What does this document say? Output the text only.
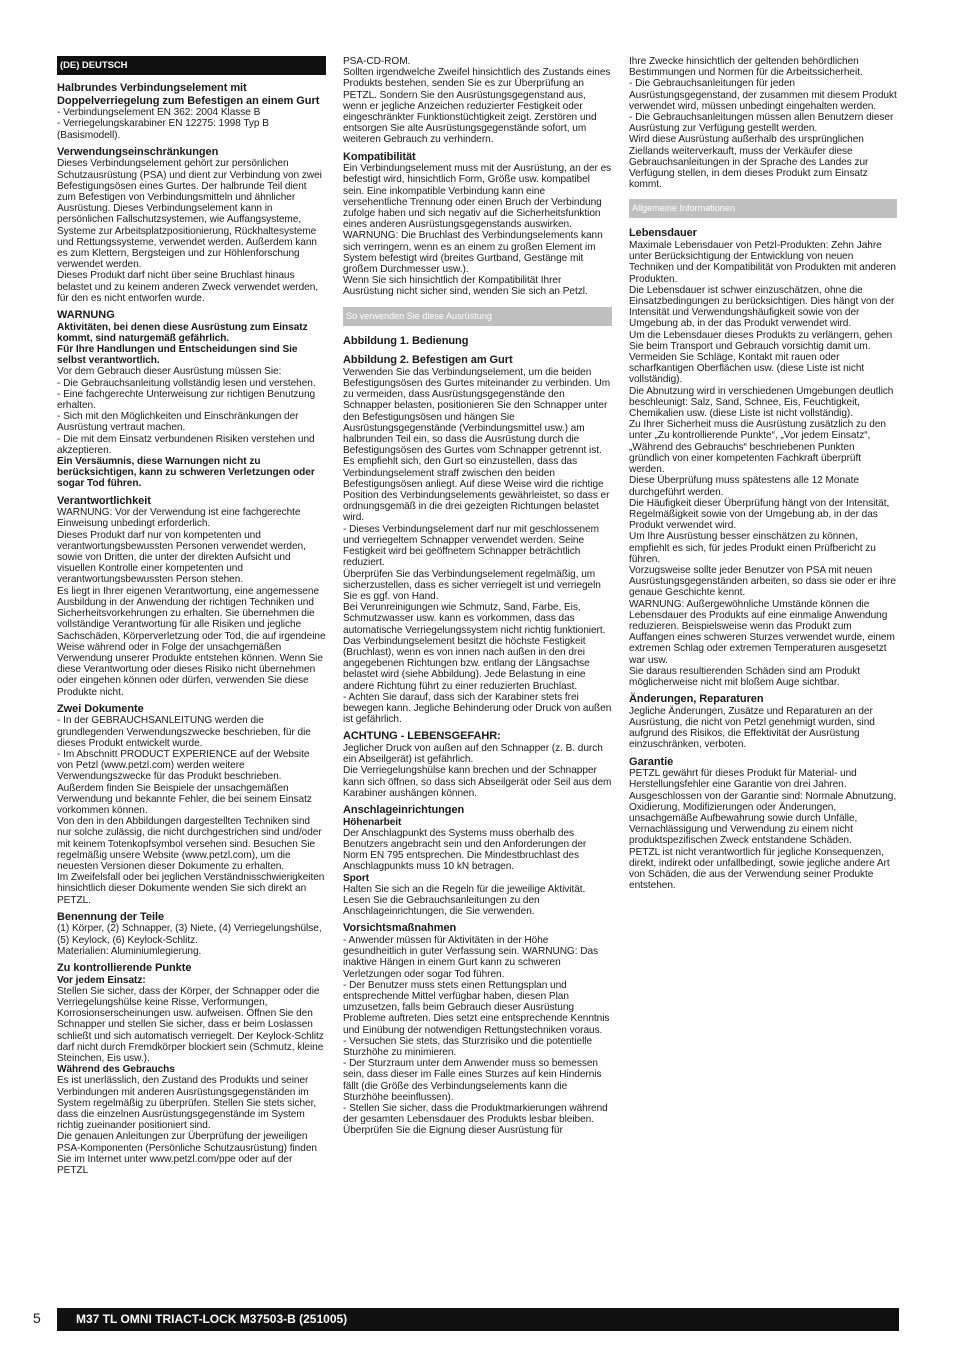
(DE) DEUTSCH
Halbrundes Verbindungselement mit Doppelverriegelung zum Befestigen an einem Gurt
- Verbindungselement EN 362: 2004 Klasse B
- Verriegelungskarabiner EN 12275: 1998 Typ B (Basismodell).
Verwendungseinschränkungen
Dieses Verbindungselement gehört zur persönlichen Schutzausrüstung (PSA) und dient zur Verbindung von zwei Befestigungsösen eines Gurtes. Der halbrunde Teil dient zum Befestigen von Verbindungsmitteln und ähnlicher Ausrüstung. Dieses Verbindungselement kann in persönlichen Fallschutzsystemen, wie Auffangsysteme, Systeme zur Arbeitsplatzpositionierung, Rückhaltesysteme und Rettungssysteme, verwendet werden. Außerdem kann es zum Klettern, Bergsteigen und zur Höhlenforschung verwendet werden.
Dieses Produkt darf nicht über seine Bruchlast hinaus belastet und zu keinem anderen Zweck verwendet werden, für den es nicht entworfen wurde.
WARNUNG
Aktivitäten, bei denen diese Ausrüstung zum Einsatz kommt, sind naturgemäß gefährlich.
Für Ihre Handlungen und Entscheidungen sind Sie selbst verantwortlich.
Vor dem Gebrauch dieser Ausrüstung müssen Sie:
- Die Gebrauchsanleitung vollständig lesen und verstehen.
- Eine fachgerechte Unterweisung zur richtigen Benutzung erhalten.
- Sich mit den Möglichkeiten und Einschränkungen der Ausrüstung vertraut machen.
- Die mit dem Einsatz verbundenen Risiken verstehen und akzeptieren.
Ein Versäumnis, diese Warnungen nicht zu berücksichtigen, kann zu schweren Verletzungen oder sogar Tod führen.
Verantwortlichkeit
WARNUNG: Vor der Verwendung ist eine fachgerechte Einweisung unbedingt erforderlich.
Dieses Produkt darf nur von kompetenten und verantwortungsbewussten Personen verwendet werden, sowie von Dritten, die unter der direkten Aufsicht und visuellen Kontrolle einer kompetenten und verantwortungsbewussten Person stehen.
Es liegt in Ihrer eigenen Verantwortung, eine angemessene Ausbildung in der Anwendung der richtigen Techniken und Sicherheitsvorkehrungen zu erhalten. Sie übernehmen die vollständige Verantwortung für alle Risiken und jegliche Sachschäden, Körperverletzung oder Tod, die auf irgendeine Weise während oder in Folge der unsachgemäßen Verwendung unserer Produkte entstehen können. Wenn Sie diese Verantwortung oder dieses Risiko nicht übernehmen oder eingehen können oder dürfen, verwenden Sie diese Produkte nicht.
Zwei Dokumente
- In der GEBRAUCHSANLEITUNG werden die grundlegenden Verwendungszwecke beschrieben, für die dieses Produkt entwickelt wurde.
- Im Abschnitt PRODUCT EXPERIENCE auf der Website von Petzl (www.petzl.com) werden weitere Verwendungszwecke für das Produkt beschrieben. Außerdem finden Sie Beispiele der unsachgemäßen Verwendung und bekannte Fehler, die bei seinem Einsatz vorkommen können.
Von den in den Abbildungen dargestellten Techniken sind nur solche zulässig, die nicht durchgestrichen sind und/oder mit keinem Totenkopfsymbol versehen sind. Besuchen Sie regelmäßig unsere Website (www.petzl.com), um die neuesten Versionen dieser Dokumente zu erhalten.
Im Zweifelsfall oder bei jeglichen Verständnisschwierigkeiten hinsichtlich dieser Dokumente wenden Sie sich direkt an PETZL.
Benennung der Teile
(1) Körper, (2) Schnapper, (3) Niete, (4) Verriegelungshülse, (5) Keylock, (6) Keylock-Schlitz.
Materialien: Aluminiumlegierung.
Zu kontrollierende Punkte
Vor jedem Einsatz:
Stellen Sie sicher, dass der Körper, der Schnapper oder die Verriegelungshülse keine Risse, Verformungen, Korrosionserscheinungen usw. aufweisen. Öffnen Sie den Schnapper und stellen Sie sicher, dass er beim Loslassen schließt und sich automatisch verriegelt. Der Keylock-Schlitz darf nicht durch Fremdkörper blockiert sein (Schmutz, kleine Steinchen, Eis usw.).
Während des Gebrauchs
Es ist unerlässlich, den Zustand des Produkts und seiner Verbindungen mit anderen Ausrüstungsgegenständen im System regelmäßig zu überprüfen. Stellen Sie stets sicher, dass die einzelnen Ausrüstungsgegenstände im System richtig zueinander positioniert sind.
Die genauen Anleitungen zur Überprüfung der jeweiligen PSA-Komponenten (Persönliche Schutzausrüstung) finden Sie im Internet unter www.petzl.com/ppe oder auf der PETZL
PSA-CD-ROM.
Sollten irgendwelche Zweifel hinsichtlich des Zustands eines Produkts bestehen, senden Sie es zur Überprüfung an PETZL. Sondern Sie den Ausrüstungsgegenstand aus, wenn er jegliche Anzeichen reduzierter Festigkeit oder eingeschränkter Funktionstüchtigkeit zeigt. Zerstören und entsorgen Sie alte Ausrüstungsgegenstände sofort, um weiteren Gebrauch zu verhindern.
Kompatibilität
Ein Verbindungselement muss mit der Ausrüstung, an der es befestigt wird, hinsichtlich Form, Größe usw. kompatibel sein. Eine inkompatible Verbindung kann eine versehentliche Trennung oder einen Bruch der Verbindung zufolge haben und sich negativ auf die Sicherheitsfunktion eines anderen Ausrüstungsgegenstands auswirken.
WARNUNG: Die Bruchlast des Verbindungselements kann sich verringern, wenn es an einem zu großen Element im System befestigt wird (breites Gurtband, Gestänge mit großem Durchmesser usw.).
Wenn Sie sich hinsichtlich der Kompatibilität Ihrer Ausrüstung nicht sicher sind, wenden Sie sich an Petzl.
So verwenden Sie diese Ausrüstung
Abbildung 1. Bedienung
Abbildung 2. Befestigen am Gurt
Verwenden Sie das Verbindungselement, um die beiden Befestigungsösen des Gurtes miteinander zu verbinden. Um zu vermeiden, dass Ausrüstungsgegenstände den Schnapper belasten, positionieren Sie den Schnapper unter den Befestigungsösen und hängen Sie Ausrüstungsgegenstände (Verbindungsmittel usw.) am halbrunden Teil ein, so dass die Ausrüstung durch die Befestigungsösen des Gurtes vom Schnapper getrennt ist.
Es empfiehlt sich, den Gurt so einzustellen, dass das Verbindungselement straff zwischen den beiden Befestigungsösen anliegt. Auf diese Weise wird die richtige Position des Verbindungselements gewährleistet, so dass er ordnungsgemäß in die drei gezeigten Richtungen belastet wird.
- Dieses Verbindungselement darf nur mit geschlossenem und verriegeltem Schnapper verwendet werden. Seine Festigkeit wird bei geöffnetem Schnapper beträchtlich reduziert.
Überprüfen Sie das Verbindungselement regelmäßig, um sicherzustellen, dass es sicher verriegelt ist und verriegeln Sie es ggf. von Hand.
Bei Verunreinigungen wie Schmutz, Sand, Farbe, Eis, Schmutzwasser usw. kann es vorkommen, dass das automatische Verriegelungssystem nicht richtig funktioniert.
Das Verbindungselement besitzt die höchste Festigkeit (Bruchlast), wenn es von innen nach außen in den drei angegebenen Richtungen bzw. entlang der Längsachse belastet wird (siehe Abbildung). Jede Belastung in eine andere Richtung führt zu einer reduzierten Bruchlast.
- Achten Sie darauf, dass sich der Karabiner stets frei bewegen kann. Jegliche Behinderung oder Druck von außen ist gefährlich.
ACHTUNG - LEBENSGEFAHR:
Jeglicher Druck von außen auf den Schnapper (z. B. durch ein Abseilgerät) ist gefährlich.
Die Verriegelungshülse kann brechen und der Schnapper kann sich öffnen, so dass sich Abseilgerät oder Seil aus dem Karabiner aushängen können.
Anschlageinrichtungen
Höhenarbeit
Der Anschlagpunkt des Systems muss oberhalb des Benutzers angebracht sein und den Anforderungen der Norm EN 795 entsprechen. Die Mindestbruchlast des Anschlagpunkts muss 10 kN betragen.
Sport
Halten Sie sich an die Regeln für die jeweilige Aktivität. Lesen Sie die Gebrauchsanleitungen zu den Anschlageinrichtungen, die Sie verwenden.
Vorsichtsmaßnahmen
- Anwender müssen für Aktivitäten in der Höhe gesundheitlich in guter Verfassung sein. WARNUNG: Das inaktive Hängen in einem Gurt kann zu schweren Verletzungen oder sogar Tod führen.
- Der Benutzer muss stets einen Rettungsplan und entsprechende Mittel verfügbar haben, diesen Plan umzusetzen, falls beim Gebrauch dieser Ausrüstung Probleme auftreten. Dies setzt eine entsprechende Kenntnis und Einübung der notwendigen Rettungstechniken voraus.
- Versuchen Sie stets, das Sturzrisiko und die potentielle Sturzhöhe zu minimieren.
- Der Sturzraum unter dem Anwender muss so bemessen sein, dass dieser im Falle eines Sturzes auf kein Hindernis fällt (die Größe des Verbindungselements kann die Sturzhöhe beeinflussen).
- Stellen Sie sicher, dass die Produktmarkierungen während der gesamten Lebensdauer des Produkts lesbar bleiben.
Überprüfen Sie die Eignung dieser Ausrüstung für
Ihre Zwecke hinsichtlich der geltenden behördlichen Bestimmungen und Normen für die Arbeitssicherheit.
- Die Gebrauchsanleitungen für jeden Ausrüstungsgegenstand, der zusammen mit diesem Produkt verwendet wird, müssen unbedingt eingehalten werden.
- Die Gebrauchsanleitungen müssen allen Benutzern dieser Ausrüstung zur Verfügung gestellt werden.
Wird diese Ausrüstung außerhalb des ursprünglichen Ziellands weiterverkauft, muss der Verkäufer diese Gebrauchsanleitungen in der Sprache des Landes zur Verfügung stellen, in dem dieses Produkt zum Einsatz kommt.
Allgemeine Informationen
Lebensdauer
Maximale Lebensdauer von Petzl-Produkten: Zehn Jahre unter Berücksichtigung der Entwicklung von neuen Techniken und der Kompatibilität von Produkten mit anderen Produkten.
Die Lebensdauer ist schwer einzuschätzen, ohne die Einsatzbedingungen zu berücksichtigen. Dies hängt von der Intensität und Verwendungshäufigkeit sowie von der Umgebung ab, in der das Produkt verwendet wird.
Um die Lebensdauer dieses Produkts zu verlängern, gehen Sie beim Transport und Gebrauch vorsichtig damit um. Vermeiden Sie Schläge, Kontakt mit rauen oder scharfkantigen Oberflächen usw. (diese Liste ist nicht vollständig).
Die Abnutzung wird in verschiedenen Umgebungen deutlich beschleunigt: Salz, Sand, Schnee, Eis, Feuchtigkeit, Chemikalien usw. (diese Liste ist nicht vollständig).
Zu Ihrer Sicherheit muss die Ausrüstung zusätzlich zu den unter „Zu kontrollierende Punkte“, „Vor jedem Einsatz“, „Während des Gebrauchs“ beschriebenen Punkten gründlich von einer kompetenten Fachkraft überprüft werden.
Diese Überprüfung muss spätestens alle 12 Monate durchgeführt werden.
Die Häufigkeit dieser Überprüfung hängt von der Intensität, Regelmäßigkeit sowie von der Umgebung ab, in der das Produkt verwendet wird.
Um Ihre Ausrüstung besser einschätzen zu können, empfiehlt es sich, für jedes Produkt einen Prüfbericht zu führen.
Vorzugsweise sollte jeder Benutzer von PSA mit neuen Ausrüstungsgegenständen arbeiten, so dass sie oder er ihre genaue Geschichte kennt.
WARNUNG: Außergewöhnliche Umstände können die Lebensdauer des Produkts auf eine einmalige Anwendung reduzieren. Beispielsweise wenn das Produkt zum Auffangen eines schweren Sturzes verwendet wurde, einem extremen Schlag oder extremen Temperaturen ausgesetzt war usw.
Sie daraus resultierenden Schäden sind am Produkt möglicherweise nicht mit bloßem Auge sichtbar.
Änderungen, Reparaturen
Jegliche Änderungen, Zusätze und Reparaturen an der Ausrüstung, die nicht von Petzl genehmigt wurden, sind aufgrund des Risikos, die Effektivität der Ausrüstung einzuschränken, verboten.
Garantie
PETZL gewährt für dieses Produkt für Material- und Herstellungsfehler eine Garantie von drei Jahren.
Ausgeschlossen von der Garantie sind: Normale Abnutzung, Oxidierung, Modifizierungen oder Änderungen, unsachgemäße Aufbewahrung sowie durch Unfälle, Vernachlässigung und Verwendung zu einem nicht produktspezifischen Zweck entstandene Schäden.
PETZL ist nicht verantwortlich für jegliche Konsequenzen, direkt, indirekt oder unfallbedingt, sowie jegliche andere Art von Schäden, die aus der Verwendung seiner Produkte entstehen.
5	M37 TL OMNI TRIACT-LOCK M37503-B (251005)
